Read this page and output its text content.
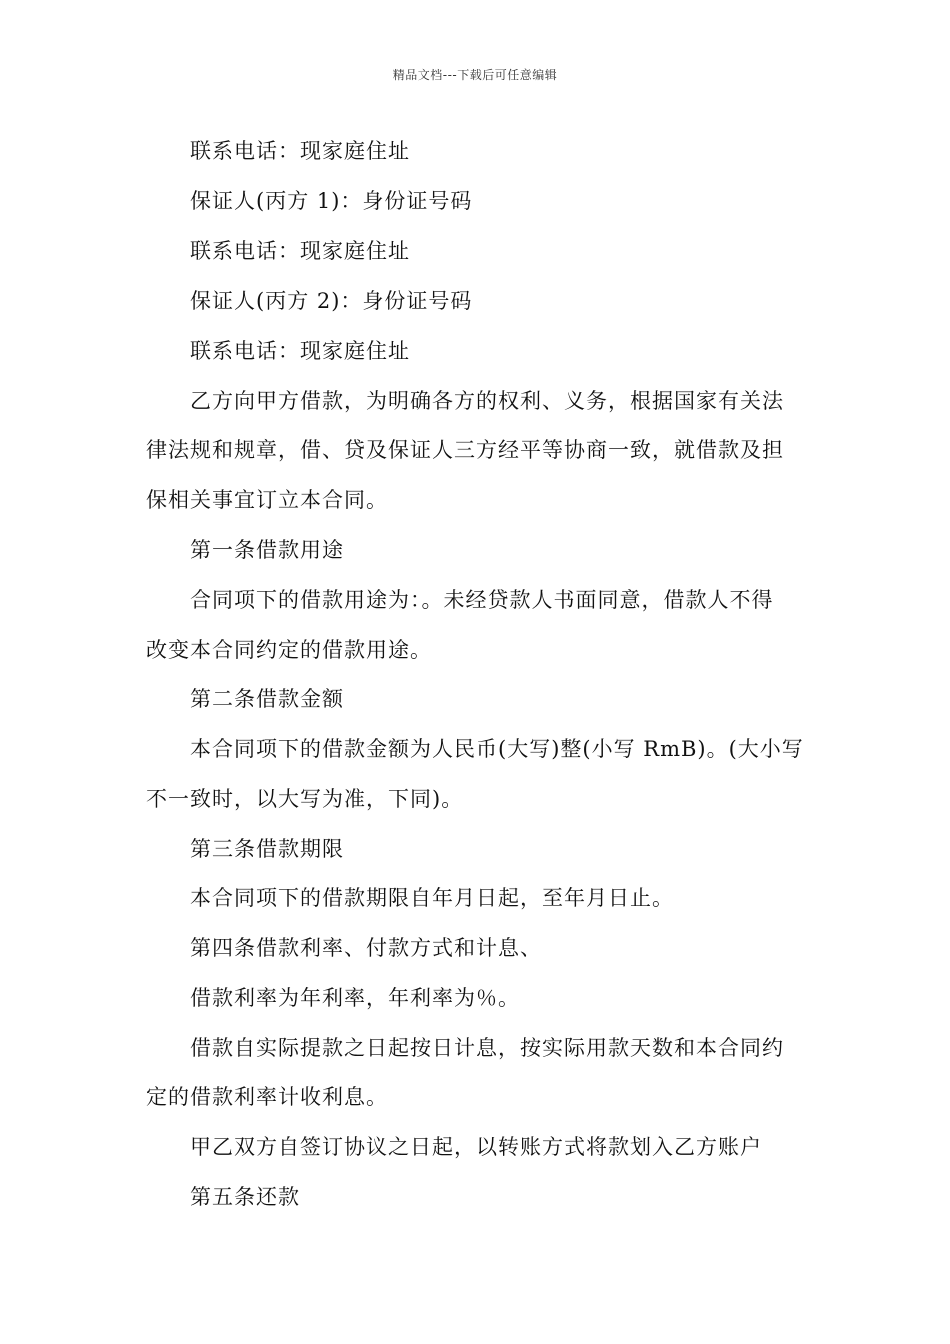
精品文档---下载后可任意编辑
联系电话：现家庭住址
保证人(丙方 1)：身份证号码
联系电话：现家庭住址
保证人(丙方 2)：身份证号码
联系电话：现家庭住址
乙方向甲方借款，为明确各方的权利、义务，根据国家有关法
律法规和规章，借、贷及保证人三方经平等协商一致，就借款及担
保相关事宜订立本合同。
第一条借款用途
合同项下的借款用途为：。未经贷款人书面同意，借款人不得
改变本合同约定的借款用途。
第二条借款金额
本合同项下的借款金额为人民币(大写)整(小写 RmB)。(大小写
不一致时，以大写为准，下同)。
第三条借款期限
本合同项下的借款期限自年月日起，至年月日止。
第四条借款利率、付款方式和计息、
借款利率为年利率，年利率为％。
借款自实际提款之日起按日计息，按实际用款天数和本合同约
定的借款利率计收利息。
甲乙双方自签订协议之日起，以转账方式将款划入乙方账户
第五条还款
